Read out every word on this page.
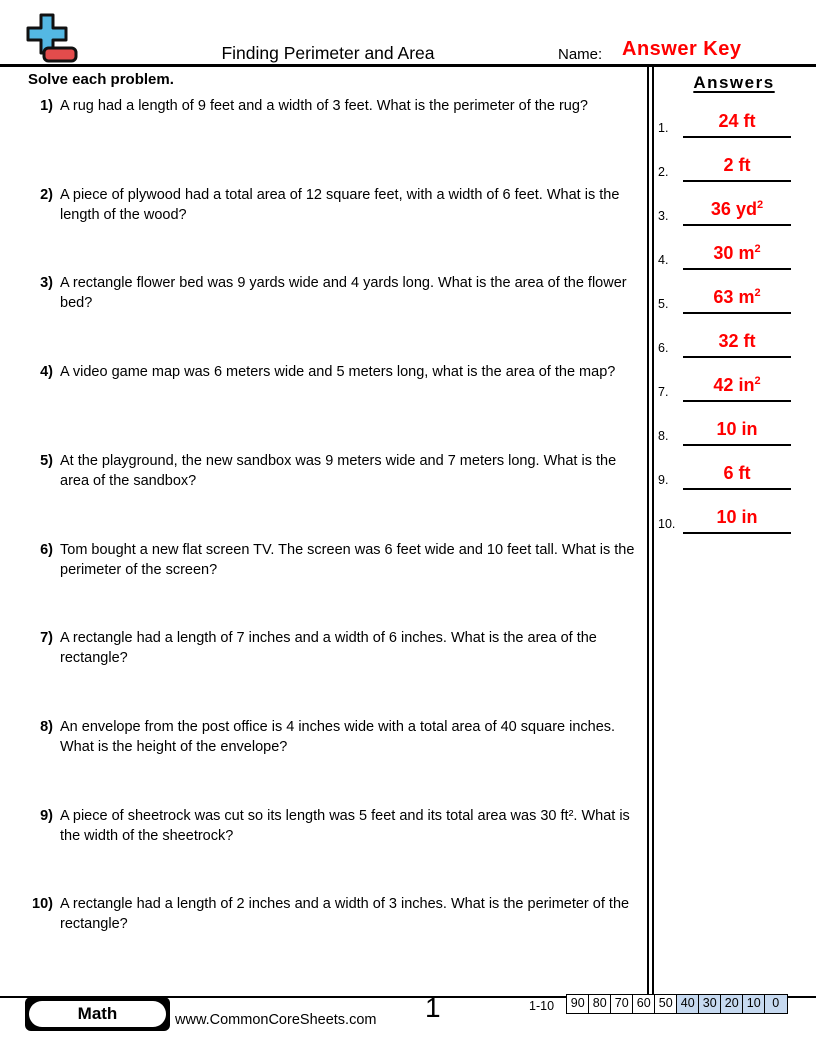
Finding Perimeter and Area	Name: Answer Key
Solve each problem.
1) A rug had a length of 9 feet and a width of 3 feet. What is the perimeter of the rug?
2) A piece of plywood had a total area of 12 square feet, with a width of 6 feet. What is the length of the wood?
3) A rectangle flower bed was 9 yards wide and 4 yards long. What is the area of the flower bed?
4) A video game map was 6 meters wide and 5 meters long, what is the area of the map?
5) At the playground, the new sandbox was 9 meters wide and 7 meters long. What is the area of the sandbox?
6) Tom bought a new flat screen TV. The screen was 6 feet wide and 10 feet tall. What is the perimeter of the screen?
7) A rectangle had a length of 7 inches and a width of 6 inches. What is the area of the rectangle?
8) An envelope from the post office is 4 inches wide with a total area of 40 square inches. What is the height of the envelope?
9) A piece of sheetrock was cut so its length was 5 feet and its total area was 30 ft². What is the width of the sheetrock?
10) A rectangle had a length of 2 inches and a width of 3 inches. What is the perimeter of the rectangle?
Answers
1.	24 ft
2.	2 ft
3.	36 $yd^2$
4.	30 $m^2$
5.	63 $m^2$
6.	32 ft
7.	42 $in^2$
8.	10 in
9.	6 ft
10.	10 in
Math	www.CommonCoreSheets.com 1	1-10	90 80 70 60 50 40 30 20 10 0
